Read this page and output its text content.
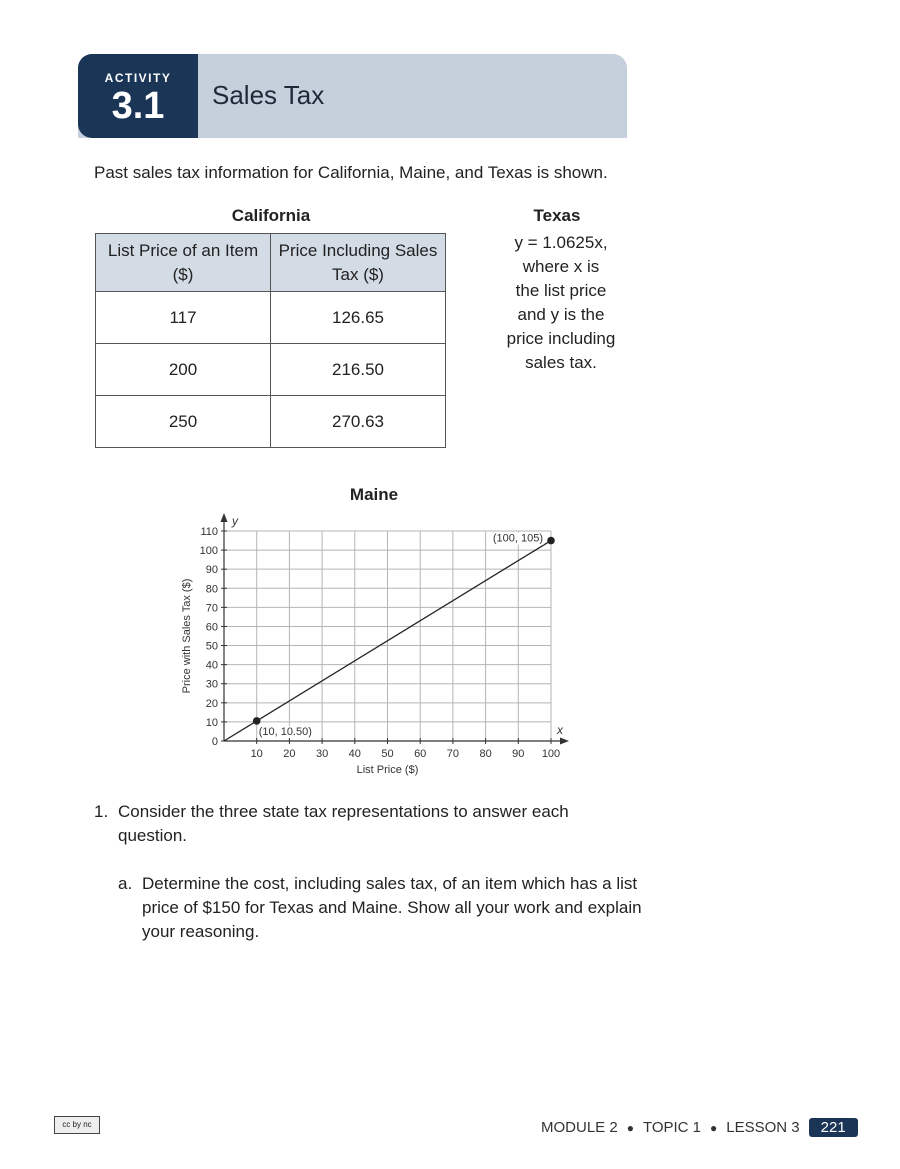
ACTIVITY
3.1	Sales Tax
Past sales tax information for California, Maine, and Texas is shown.
California
List Price of an Item ($)	Price Including Sales Tax ($)
117	126.65
200	216.50
250	270.63
Texas
y = 1.0625x,
where x is
the list price
and y is the
price including
sales tax.
Maine
10 20 30 40 50 60 70 80 90 100
0
10
20
30
40
50
60
70
80
90
100
110
y
x
List Price ($)
Price with Sales Tax ($)
(10, 10.50)
(100, 105)
1. Consider the three state tax representations to answer each question.
a. Determine the cost, including sales tax, of an item which has a list price of $150 for Texas and Maine. Show all your work and explain your reasoning.
cc by nc	MODULE 2 ● TOPIC 1 ● LESSON 3	221
